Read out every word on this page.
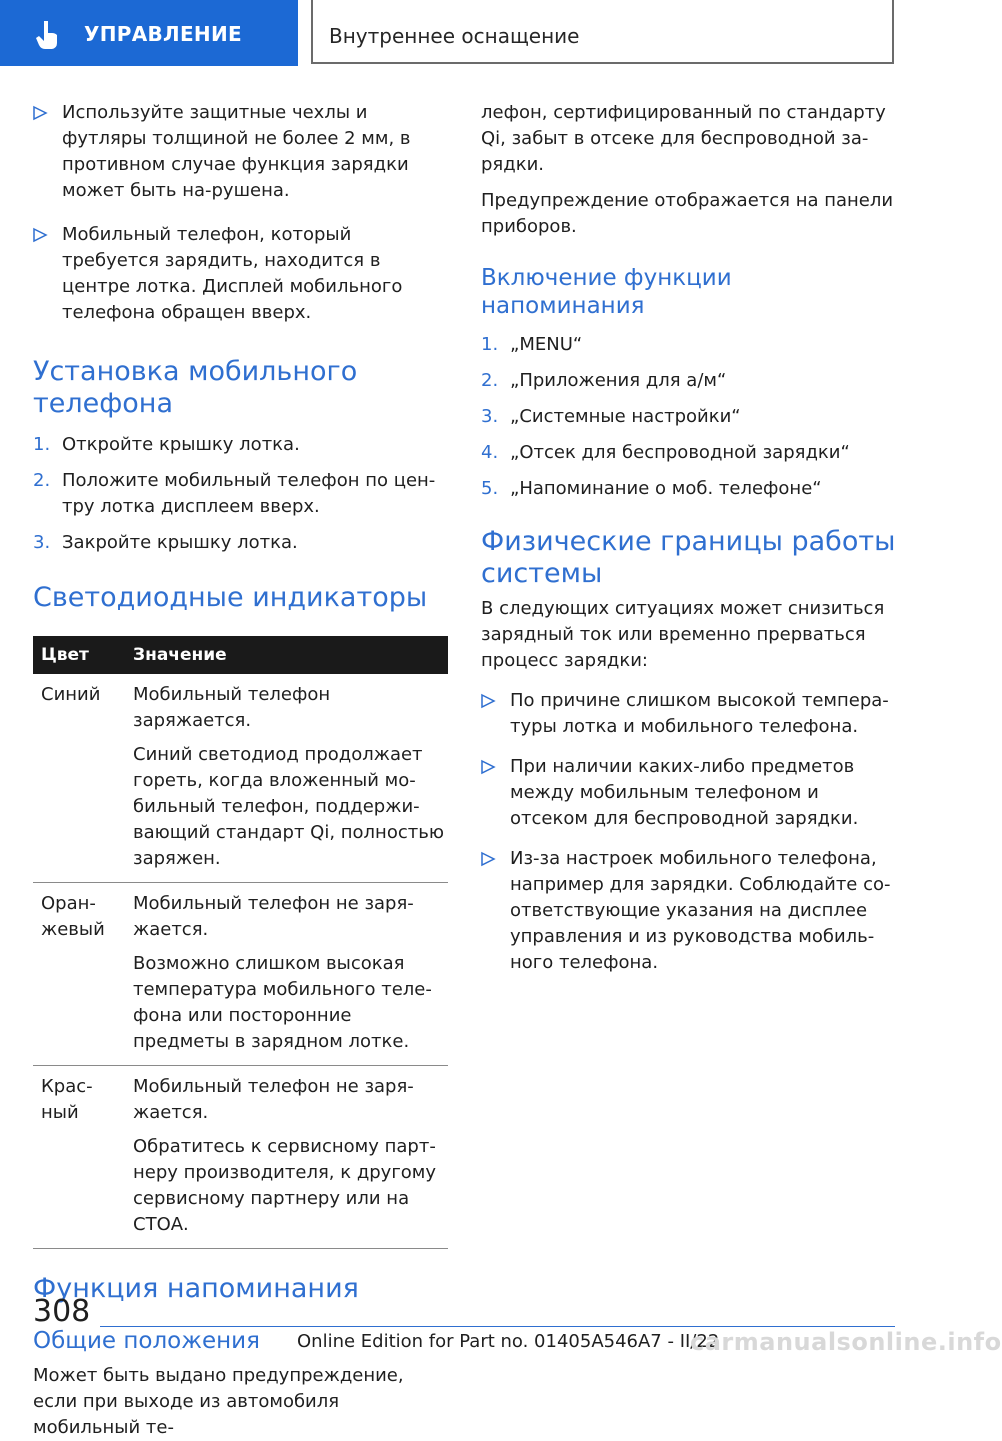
УПРАВЛЕНИЕ	Внутреннее оснащение
Используйте защитные чехлы и футляры толщиной не более 2 мм, в противном случае функция зарядки может быть на-рушена.
Мобильный телефон, который требуется зарядить, находится в центре лотка. Дисплей мобильного телефона обращен вверх.
Установка мобильного телефона
1. Откройте крышку лотка.
2. Положите мобильный телефон по цен-тру лотка дисплеем вверх.
3. Закройте крышку лотка.
Светодиодные индикаторы
Цвет	Значение
Синий	Мобильный телефон заряжается.
Синий светодиод продолжает гореть, когда вложенный мо-бильный телефон, поддержи-вающий стандарт Qi, полностью заряжен.

Оран-жевый	Мобильный телефон не заря-жается.
Возможно слишком высокая температура мобильного теле-фона или посторонние предметы в зарядном лотке.

Крас-ный	Мобильный телефон не заря-жается.
Обратитесь к сервисному парт-неру производителя, к другому сервисному партнеру или на СТОА.
Функция напоминания
Общие положения

Может быть выдано предупреждение, если при выходе из автомобиля мобильный те-

лефон, сертифицированный по стандарту Qi, забыт в отсеке для беспроводной за-рядки.

Предупреждение отображается на панели приборов.

Включение функции напоминания
1. „MENU“
2. „Приложения для а/м“
3. „Системные настройки“
4. „Отсек для беспроводной зарядки“
5. „Напоминание о моб. телефоне“
Физические границы работы системы

В следующих ситуациях может снизиться зарядный ток или временно прерваться процесс зарядки:

По причине слишком высокой темпера-туры лотка и мобильного телефона.
При наличии каких-либо предметов между мобильным телефоном и отсеком для беспроводной зарядки.
Из-за настроек мобильного телефона, например для зарядки. Соблюдайте со-ответствующие указания на дисплее управления и из руководства мобиль-ного телефона.
308
Online Edition for Part no. 01405A546A7 - II/22
carmanualsonline.info
